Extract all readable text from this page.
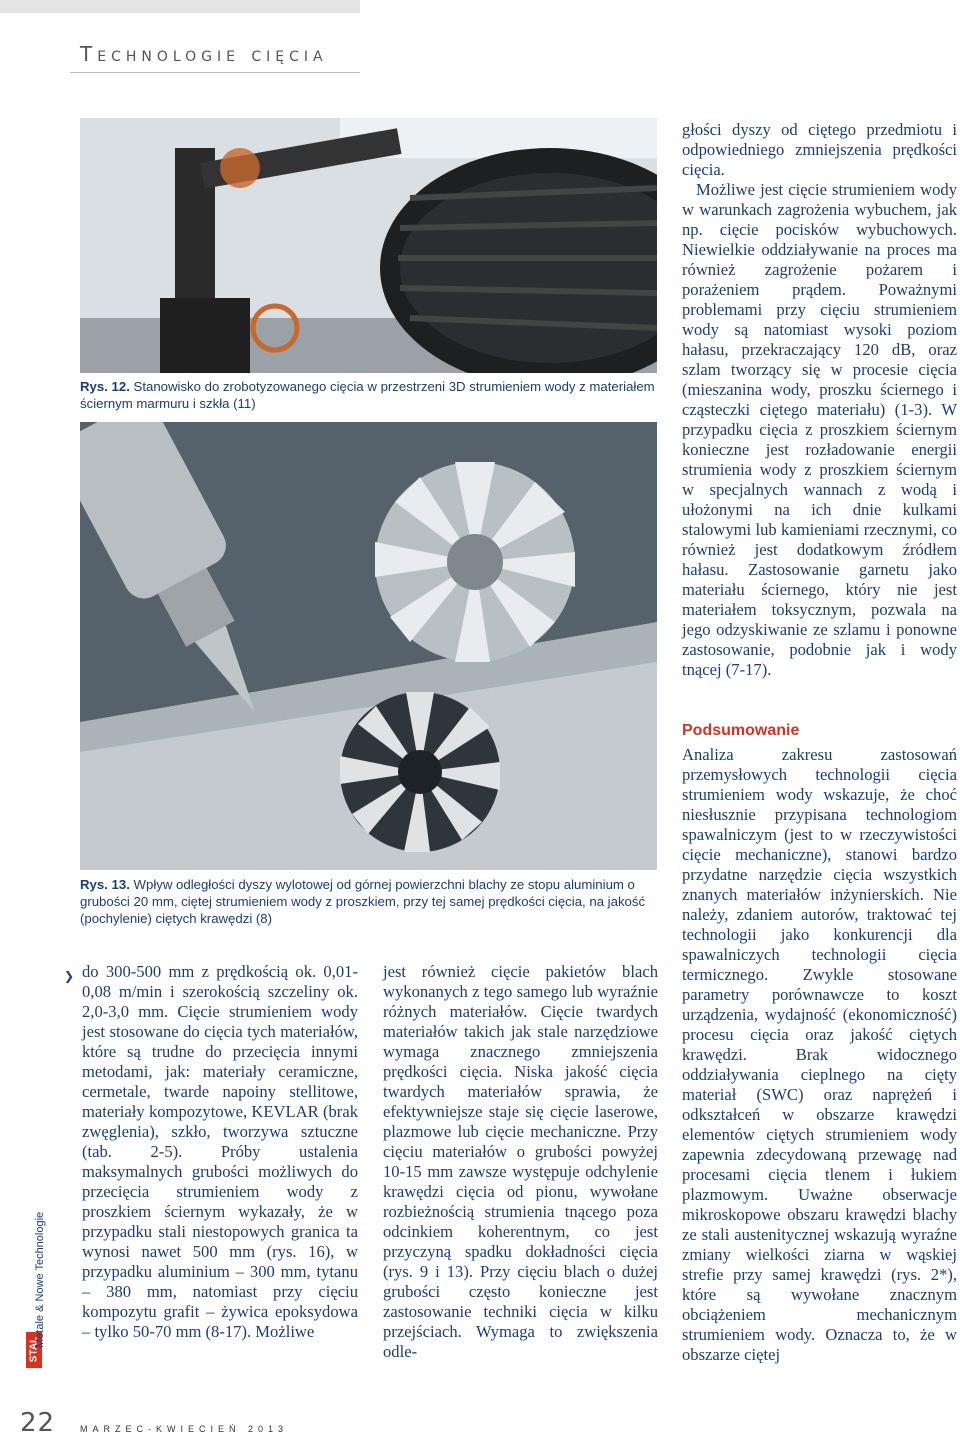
Technologie cięcia
Rys. 12. Stanowisko do zrobotyzowanego cięcia w przestrzeni 3D strumieniem wody z materiałem ściernym marmuru i szkła (11)
Rys. 13. Wpływ odległości dyszy wylotowej od górnej powierzchni blachy ze stopu aluminium o grubości 20 mm, ciętej strumieniem wody z proszkiem, przy tej samej prędkości cięcia, na jakość (pochylenie) ciętych krawędzi (8)

głości dyszy od ciętego przedmiotu i odpowiedniego zmniejszenia prędkości cięcia.

Możliwe jest cięcie strumieniem wody w warunkach zagrożenia wybuchem, jak np. cięcie pocisków wybuchowych. Niewielkie oddziaływanie na proces ma również zagrożenie pożarem i porażeniem prądem. Poważnymi problemami przy cięciu strumieniem wody są natomiast wysoki poziom hałasu, przekraczający 120 dB, oraz szlam tworzący się w procesie cięcia (mieszanina wody, proszku ściernego i cząsteczki ciętego materiału) (1-3). W przypadku cięcia z proszkiem ściernym konieczne jest rozładowanie energii strumienia wody z proszkiem ściernym w specjalnych wannach z wodą i ułożonymi na ich dnie kulkami stalowymi lub kamieniami rzecznymi, co również jest dodatkowym źródłem hałasu. Zastosowanie garnetu jako materiału ściernego, który nie jest materiałem toksycznym, pozwala na jego odzyskiwanie ze szlamu i ponowne zastosowanie, podobnie jak i wody tnącej (7-17).

❯ do 300-500 mm z prędkością ok. 0,01-0,08 m/min i szerokością szczeliny ok. 2,0-3,0 mm. Cięcie strumieniem wody jest stosowane do cięcia tych materiałów, które są trudne do przecięcia innymi metodami, jak: materiały ceramiczne, cermetale, twarde napoiny stellitowe, materiały kompozytowe, KEVLAR (brak zwęglenia), szkło, tworzywa sztuczne (tab. 2-5). Próby ustalenia maksymalnych grubości możliwych do przecięcia strumieniem wody z proszkiem ściernym wykazały, że w przypadku stali niestopowych granica ta wynosi nawet 500 mm (rys. 16), w przypadku aluminium – 300 mm, tytanu – 380 mm, natomiast przy cięciu kompozytu grafit – żywica epoksydowa – tylko 50-70 mm (8-17). Możliwe

jest również cięcie pakietów blach wykonanych z tego samego lub wyraźnie różnych materiałów. Cięcie twardych materiałów takich jak stale narzędziowe wymaga znacznego zmniejszenia prędkości cięcia. Niska jakość cięcia twardych materiałów sprawia, że efektywniejsze staje się cięcie laserowe, plazmowe lub cięcie mechaniczne. Przy cięciu materiałów o grubości powyżej 10-15 mm zawsze występuje odchylenie krawędzi cięcia od pionu, wywołane rozbieżnością strumienia tnącego poza odcinkiem koherentnym, co jest przyczyną spadku dokładności cięcia (rys. 9 i 13). Przy cięciu blach o dużej grubości często konieczne jest zastosowanie techniki cięcia w kilku przejściach. Wymaga to zwiększenia odle-

Podsumowanie

Analiza zakresu zastosowań przemysłowych technologii cięcia strumieniem wody wskazuje, że choć niesłusznie przypisana technologiom spawalniczym (jest to w rzeczywistości cięcie mechaniczne), stanowi bardzo przydatne narzędzie cięcia wszystkich znanych materiałów inżynierskich. Nie należy, zdaniem autorów, traktować tej technologii jako konkurencji dla spawalniczych technologii cięcia termicznego. Zwykle stosowane parametry porównawcze to koszt urządzenia, wydajność (ekonomiczność) procesu cięcia oraz jakość ciętych krawędzi. Brak widocznego oddziaływania cieplnego na cięty materiał (SWC) oraz naprężeń i odkształceń w obszarze krawędzi elementów ciętych strumieniem wody zapewnia zdecydowaną przewagę nad procesami cięcia tlenem i łukiem plazmowym. Uważne obserwacje mikroskopowe obszaru krawędzi blachy ze stali austenitycznej wskazują wyraźne zmiany wielkości ziarna w wąskiej strefie przy samej krawędzi (rys. 2*), które są wywołane znacznym obciążeniem mechanicznym strumieniem wody. Oznacza to, że w obszarze ciętej

STAL
Metale & Nowe Technologie
22	MARZEC-KWIECIEŃ 2013
